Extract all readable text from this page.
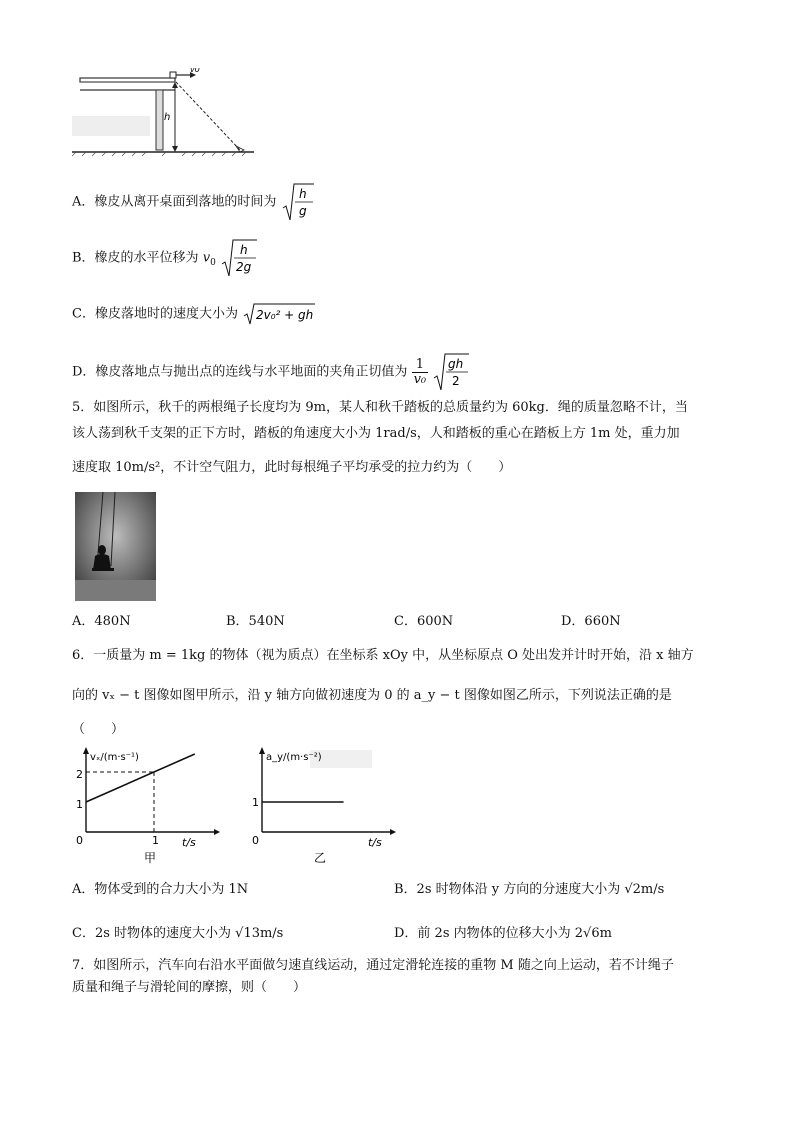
v0
h
A．橡皮从离开桌面到落地的时间为
h
g
B．橡皮的水平位移为 $v_0$
h
2g
C．橡皮落地时的速度大小为 2v₀² + gh
D．橡皮落地点与抛出点的连线与水平地面的夹角正切值为 $\frac{1}{\text{v₀}}$
gh
2
5．如图所示，秋千的两根绳子长度均为 9m，某人和秋千踏板的总质量约为 60kg．绳的质量忽略不计，当
该人荡到秋千支架的正下方时，踏板的角速度大小为 1rad/s，人和踏板的重心在踏板上方 1m 处，重力加
速度取 10m/s²，不计空气阻力，此时每根绳子平均承受的拉力约为（　　）
A．480N	B．540N	C．600N	D．660N
6．一质量为 m = 1kg 的物体（视为质点）在坐标系 xOy 中，从坐标原点 O 处出发并计时开始，沿 x 轴方
向的 vₓ − t 图像如图甲所示，沿 y 轴方向做初速度为 0 的 a_y − t 图像如图乙所示，下列说法正确的是
（　　）
vₓ/(m·s⁻¹)
2
1
0	1 t/s
甲
a_y/(m·s⁻²)
1
0	t/s
乙
A．物体受到的合力大小为 1N	B．2s 时物体沿 y 方向的分速度大小为 √2m/s
C．2s 时物体的速度大小为 √13m/s	D．前 2s 内物体的位移大小为 2√6m
7．如图所示，汽车向右沿水平面做匀速直线运动，通过定滑轮连接的重物 M 随之向上运动，若不计绳子
质量和绳子与滑轮间的摩擦，则（　　）
